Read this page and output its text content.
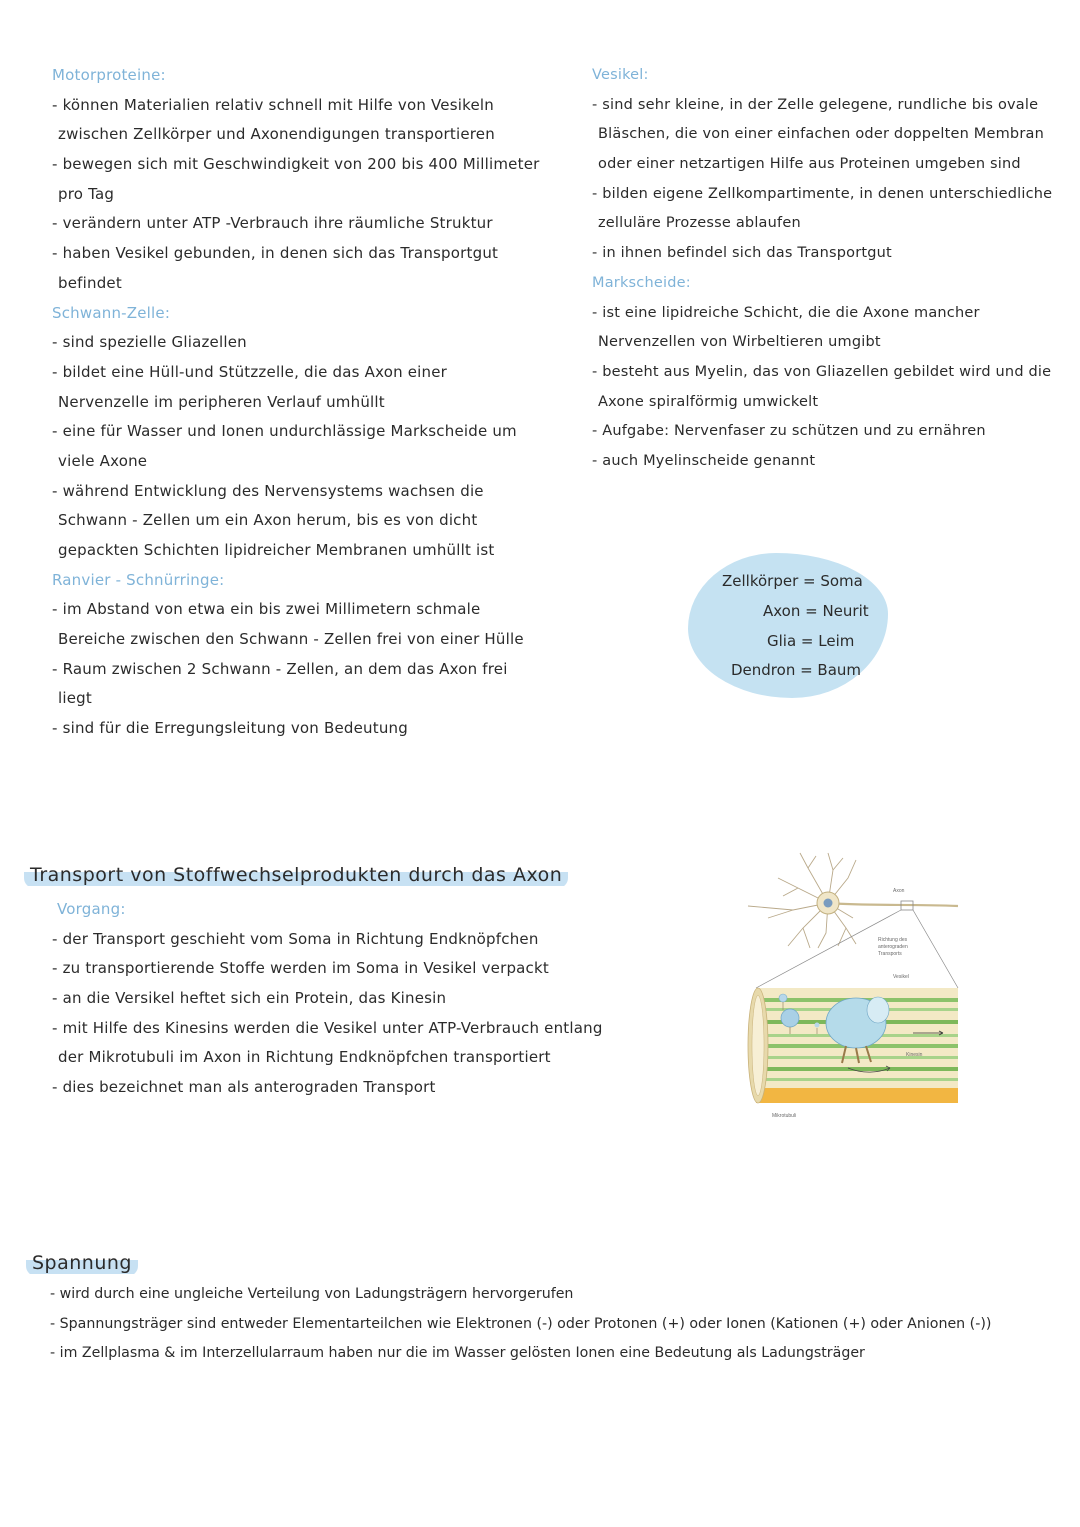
Motorproteine:
- können Materialien relativ schnell mit Hilfe von Vesikeln
zwischen Zellkörper und Axonendigungen transportieren
- bewegen sich mit Geschwindigkeit von 200 bis 400 Millimeter
pro Tag
- verändern unter ATP -Verbrauch ihre räumliche Struktur
- haben Vesikel gebunden, in denen sich das Transportgut
befindet
Schwann-Zelle:
- sind spezielle Gliazellen
- bildet eine Hüll-und Stützzelle, die das Axon einer
Nervenzelle im peripheren Verlauf umhüllt
- eine für Wasser und Ionen undurchlässige Markscheide um
viele Axone
- während Entwicklung des Nervensystems wachsen die
Schwann - Zellen um ein Axon herum, bis es von dicht
gepackten Schichten lipidreicher Membranen umhüllt ist
Ranvier - Schnürringe:
- im Abstand von etwa ein bis zwei Millimetern schmale
Bereiche zwischen den Schwann - Zellen frei von einer Hülle
- Raum zwischen 2 Schwann - Zellen, an dem das Axon frei
liegt
- sind für die Erregungsleitung von Bedeutung
Vesikel:
- sind sehr kleine, in der Zelle gelegene, rundliche bis ovale
Bläschen, die von einer einfachen oder doppelten Membran
oder einer netzartigen Hilfe aus Proteinen umgeben sind
- bilden eigene Zellkompartimente, in denen unterschiedliche
zelluläre Prozesse ablaufen
- in ihnen befindel sich das Transportgut
Markscheide:
- ist eine lipidreiche Schicht, die die Axone mancher
Nervenzellen von Wirbeltieren umgibt
- besteht aus Myelin, das von Gliazellen gebildet wird und die
Axone spiralförmig umwickelt
- Aufgabe: Nervenfaser zu schützen und zu ernähren
- auch Myelinscheide genannt
Zellkörper = Soma
Axon = Neurit
Glia = Leim
Dendron = Baum
Transport von Stoffwechselprodukten durch das Axon
Vorgang:
- der Transport geschieht vom Soma in Richtung Endknöpfchen
- zu transportierende Stoffe werden im Soma in Vesikel verpackt
- an die Versikel heftet sich ein Protein, das Kinesin
- mit Hilfe des Kinesins werden die Vesikel unter ATP-Verbrauch entlang
der Mikrotubuli im Axon in Richtung Endknöpfchen transportiert
- dies bezeichnet man als anterograden Transport
Axon
Richtung des
anterograden
Transports
Vesikel
Kinesin
Mikrotubuli
Spannung
- wird durch eine ungleiche Verteilung von Ladungsträgern hervorgerufen
- Spannungsträger sind entweder Elementarteilchen wie Elektronen (-) oder Protonen (+) oder Ionen (Kationen (+) oder Anionen (-))
- im Zellplasma & im Interzellularraum haben nur die im Wasser gelösten Ionen eine Bedeutung als Ladungsträger
